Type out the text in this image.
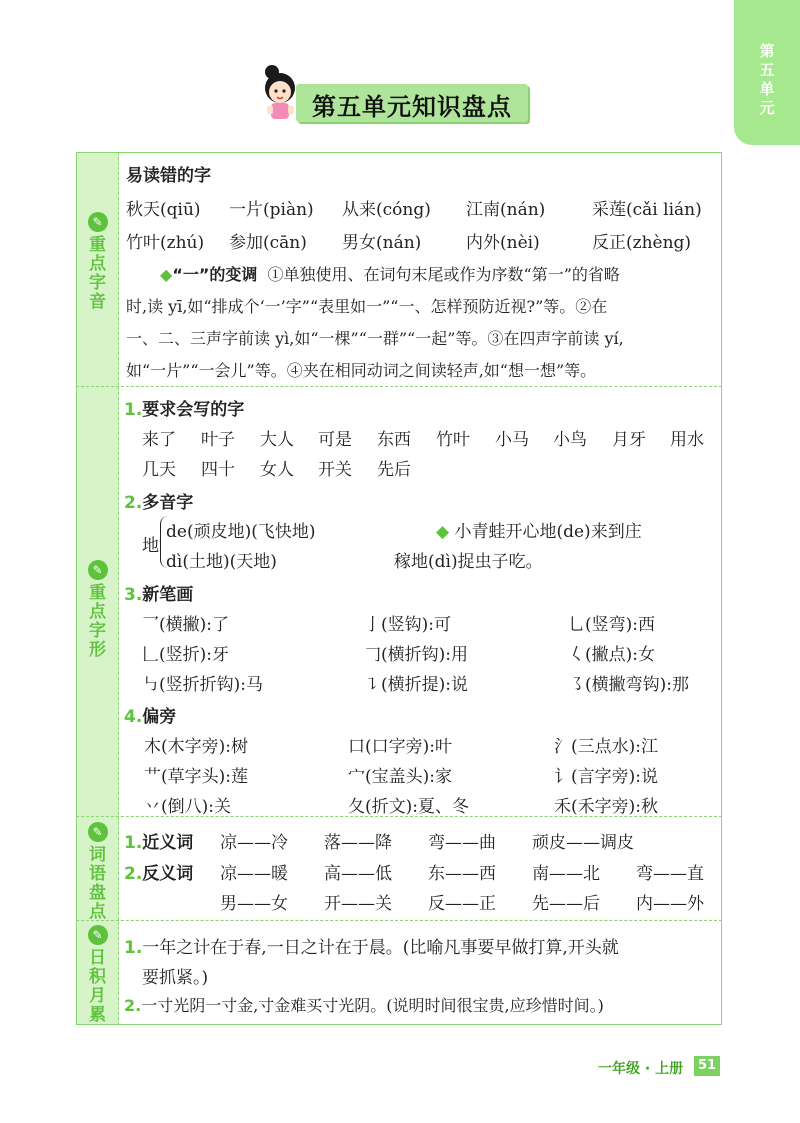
第
五
单
元
第五单元知识盘点
✎
重
点
字
音
✎
重
点
字
形
✎
词
语
盘
点
✎
日
积
月
累
易读错的字
秋天(qiū) 一片(piàn) 从来(cóng) 江南(nán)	采莲(cǎi lián)
竹叶(zhú) 参加(cān) 男女(nán)	内外(nèi)	反正(zhèng)
◆“一”的变调 ①单独使用、在词句末尾或作为序数“第一”的省略
时,读 yī,如“排成个‘一’字”“表里如一”“一、怎样预防近视?”等。②在
一、二、三声字前读 yì,如“一棵”“一群”“一起”等。③在四声字前读 yí,
如“一片”“一会儿”等。④夹在相同动词之间读轻声,如“想一想”等。
1.要求会写的字
来了 叶子 大人 可是 东西 竹叶 小马 小鸟 月牙 用水
几天 四十 女人 开关 先后
2.多音字
地
de(顽皮地)(飞快地)
dì(土地)(天地)
◆ 小青蛙开心地(de)来到庄
稼地(dì)捉虫子吃。
3.新笔画
乛(横撇):了	亅(竖钩):可	乚(竖弯):西
𠃊(竖折):牙	𠃌(横折钩):用	𡿨(撇点):女
㇉(竖折折钩):马	㇊(横折提):说	㇌(横撇弯钩):那
4.偏旁
木(木字旁):树	口(口字旁):叶	氵(三点水):江
艹(草字头):莲	宀(宝盖头):家	讠(言字旁):说
丷(倒八):关	夂(折文):夏、冬	禾(禾字旁):秋
1.近义词 凉——冷 落——降 弯——曲 顽皮——调皮
2.反义词 凉——暖 高——低 东——西 南——北 弯——直
男——女 开——关 反——正 先——后 内——外
1.一年之计在于春,一日之计在于晨。(比喻凡事要早做打算,开头就
要抓紧。)
2.一寸光阴一寸金,寸金难买寸光阴。(说明时间很宝贵,应珍惜时间。)
一年级 · 上册	51
